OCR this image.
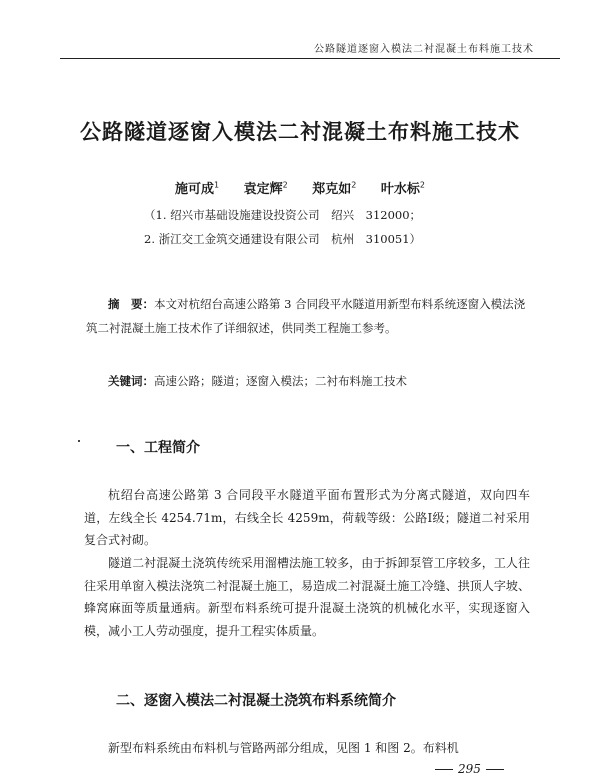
公路隧道逐窗入模法二衬混凝土布料施工技术
公路隧道逐窗入模法二衬混凝土布料施工技术
施可成$^1$ 袁定辉$^2$ 郑克如$^2$ 叶水标$^2$
（1. 绍兴市基础设施建设投资公司　绍兴　312000；
2. 浙江交工金筑交通建设有限公司　杭州　310051）
摘　要：本文对杭绍台高速公路第 3 合同段平水隧道用新型布料系统逐窗入模法浇筑二衬混凝土施工技术作了详细叙述，供同类工程施工参考。
关键词：高速公路；隧道；逐窗入模法；二衬布料施工技术
一、工程简介
杭绍台高速公路第 3 合同段平水隧道平面布置形式为分离式隧道，双向四车道，左线全长 4254.71m，右线全长 4259m，荷载等级：公路Ⅰ级；隧道二衬采用复合式衬砌。
隧道二衬混凝土浇筑传统采用溜槽法施工较多，由于拆卸泵管工序较多，工人往往采用单窗入模法浇筑二衬混凝土施工，易造成二衬混凝土施工冷缝、拱顶人字坡、蜂窝麻面等质量通病。新型布料系统可提升混凝土浇筑的机械化水平，实现逐窗入模，减小工人劳动强度，提升工程实体质量。
二、逐窗入模法二衬混凝土浇筑布料系统简介
新型布料系统由布料机与管路两部分组成，见图 1 和图 2。布料机
295
